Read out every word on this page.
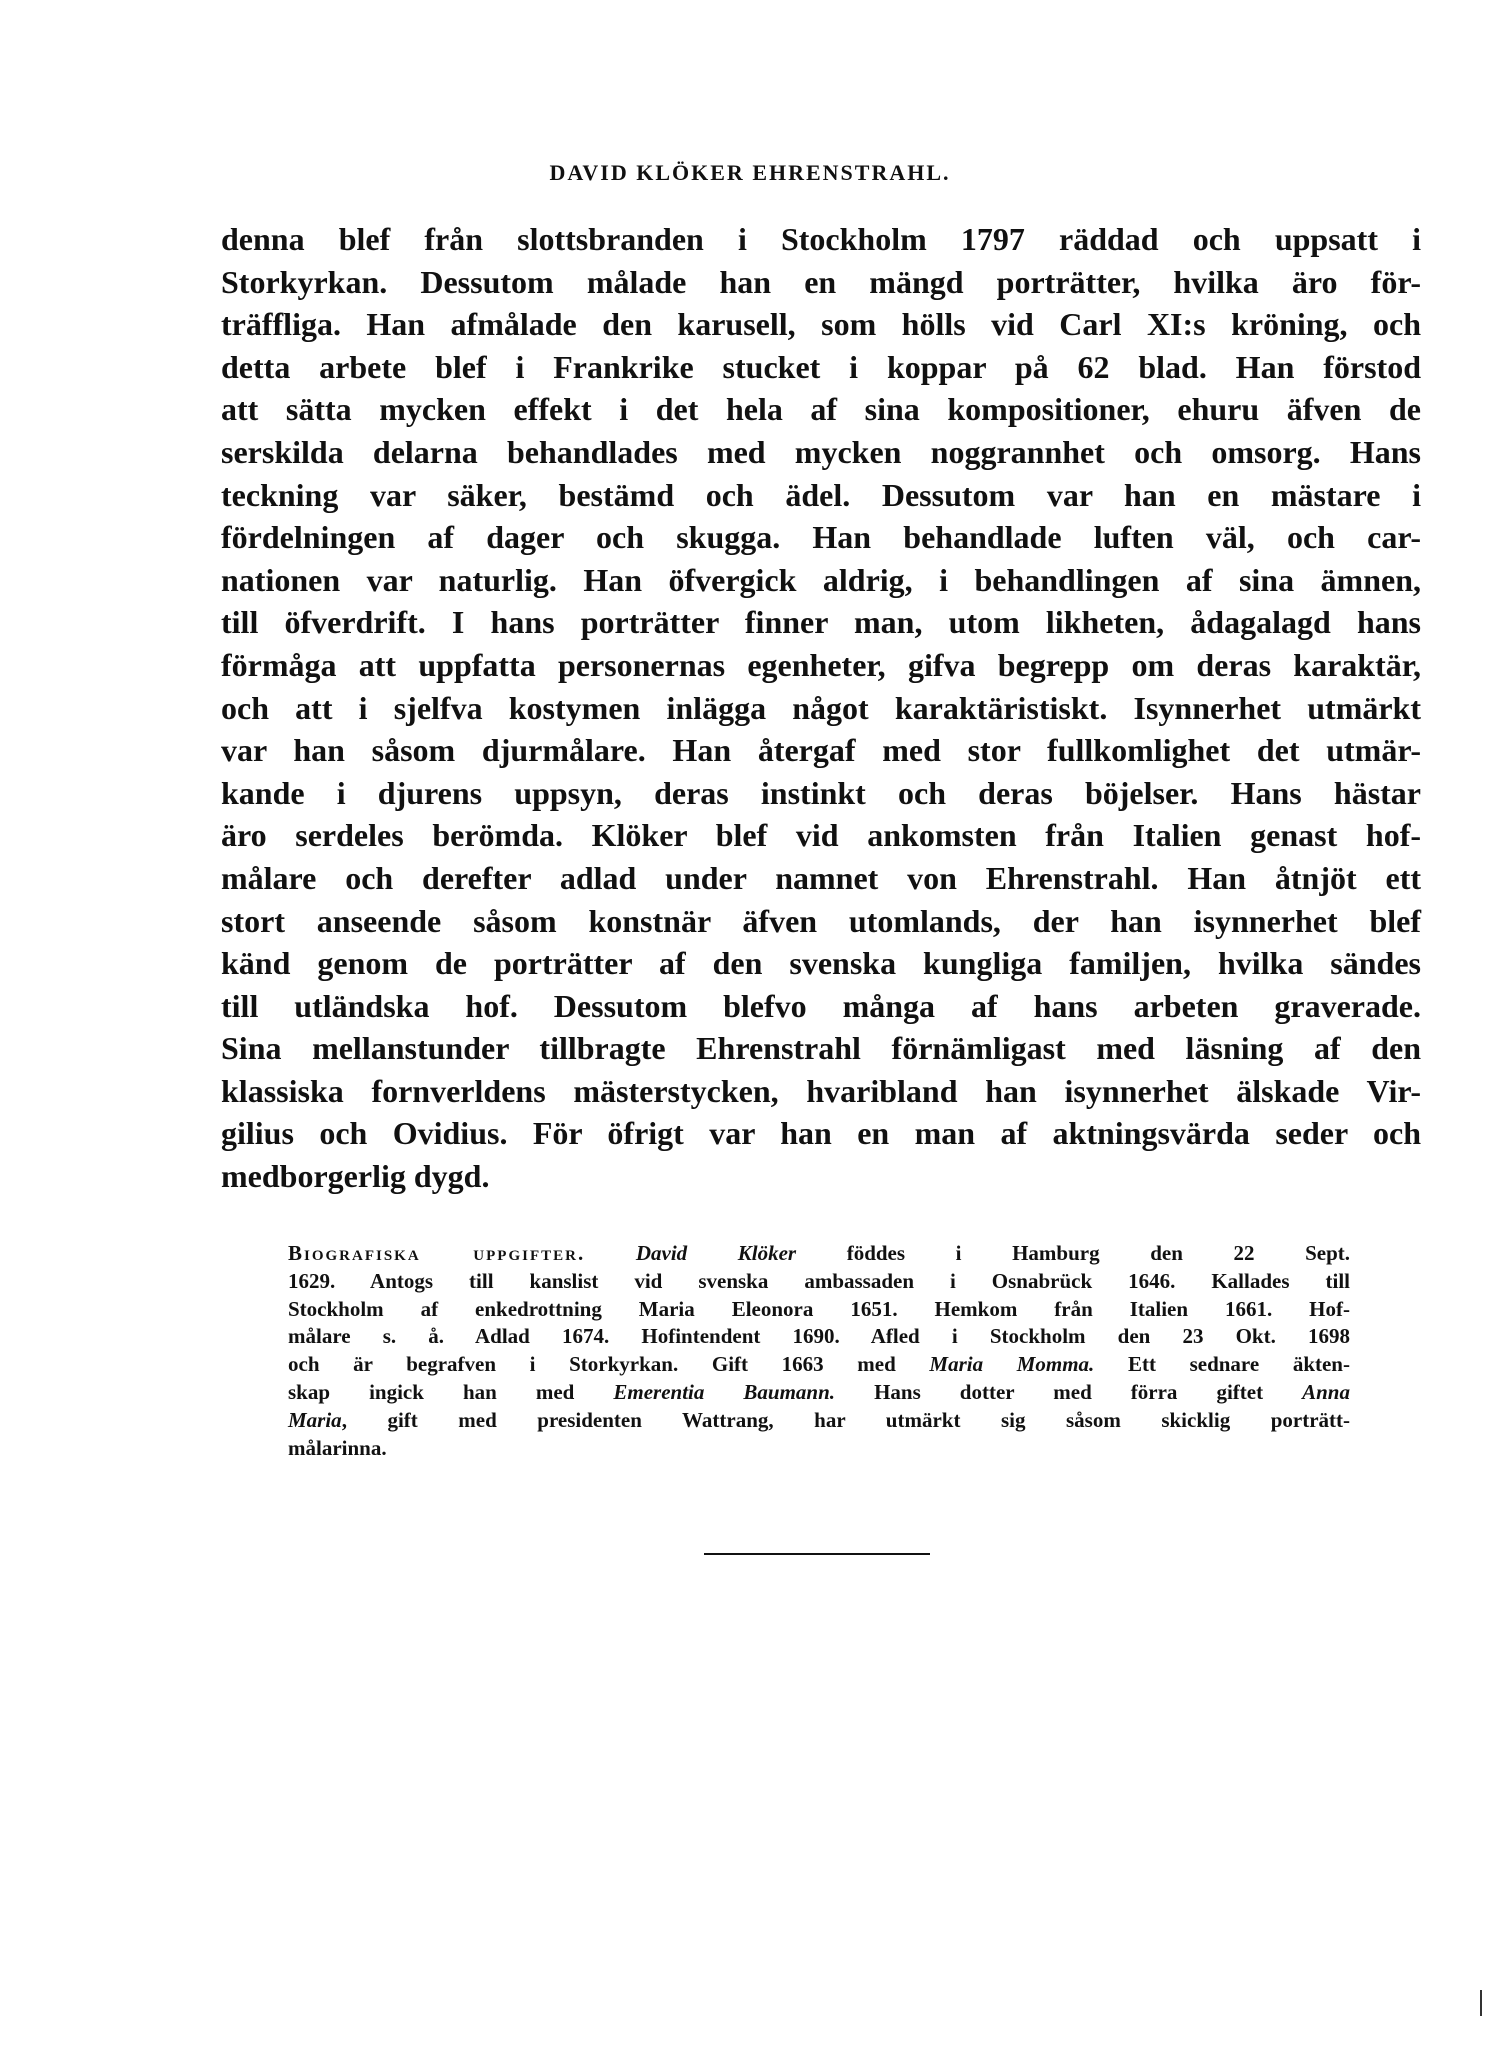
DAVID KLÖKER EHRENSTRAHL.
denna blef från slottsbranden i Stockholm 1797 räddad och uppsatt i
Storkyrkan. Dessutom målade han en mängd porträtter, hvilka äro för-
träffliga. Han afmålade den karusell, som hölls vid Carl XI:s kröning, och
detta arbete blef i Frankrike stucket i koppar på 62 blad. Han förstod
att sätta mycken effekt i det hela af sina kompositioner, ehuru äfven de
serskilda delarna behandlades med mycken noggrannhet och omsorg. Hans
teckning var säker, bestämd och ädel. Dessutom var han en mästare i
fördelningen af dager och skugga. Han behandlade luften väl, och car-
nationen var naturlig. Han öfvergick aldrig, i behandlingen af sina ämnen,
till öfverdrift. I hans porträtter finner man, utom likheten, ådagalagd hans
förmåga att uppfatta personernas egenheter, gifva begrepp om deras karaktär,
och att i sjelfva kostymen inlägga något karaktäristiskt. Isynnerhet utmärkt
var han såsom djurmålare. Han återgaf med stor fullkomlighet det utmär-
kande i djurens uppsyn, deras instinkt och deras böjelser. Hans hästar
äro serdeles berömda. Klöker blef vid ankomsten från Italien genast hof-
målare och derefter adlad under namnet von Ehrenstrahl. Han åtnjöt ett
stort anseende såsom konstnär äfven utomlands, der han isynnerhet blef
känd genom de porträtter af den svenska kungliga familjen, hvilka sändes
till utländska hof. Dessutom blefvo många af hans arbeten graverade.
Sina mellanstunder tillbragte Ehrenstrahl förnämligast med läsning af den
klassiska fornverldens mästerstycken, hvaribland han isynnerhet älskade Vir-
gilius och Ovidius. För öfrigt var han en man af aktningsvärda seder och
medborgerlig dygd.
Biografiska uppgifter. David Klöker föddes i Hamburg den 22 Sept.
1629. Antogs till kanslist vid svenska ambassaden i Osnabrück 1646. Kallades till
Stockholm af enkedrottning Maria Eleonora 1651. Hemkom från Italien 1661. Hof-
målare s. å. Adlad 1674. Hofintendent 1690. Afled i Stockholm den 23 Okt. 1698
och är begrafven i Storkyrkan. Gift 1663 med Maria Momma. Ett sednare äkten-
skap ingick han med Emerentia Baumann. Hans dotter med förra giftet Anna
Maria, gift med presidenten Wattrang, har utmärkt sig såsom skicklig porträtt-
målarinna.
